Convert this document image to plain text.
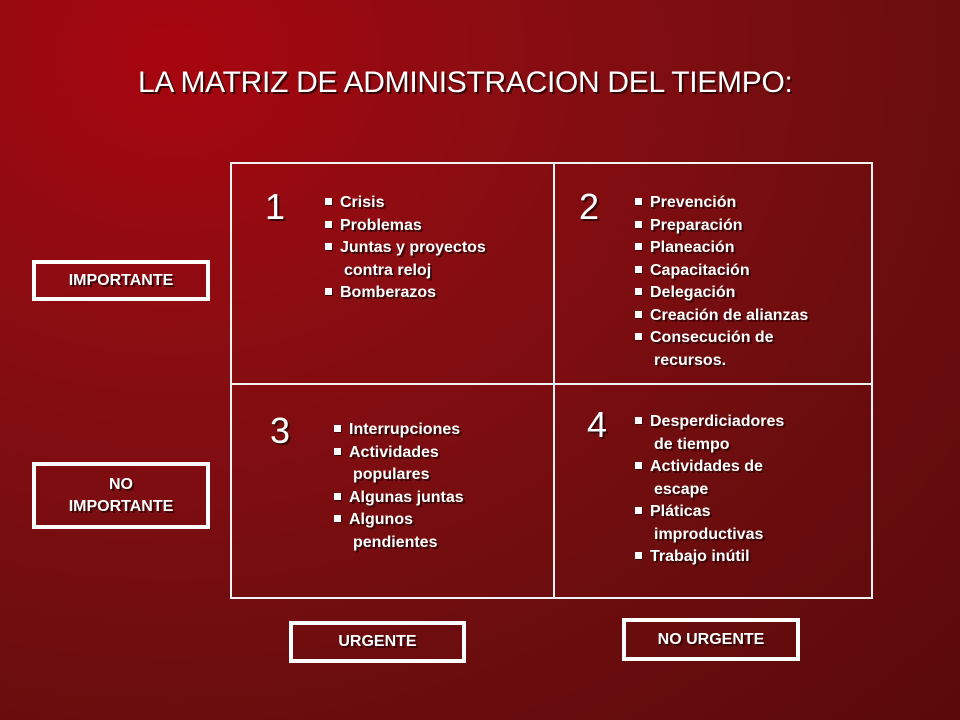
LA MATRIZ DE ADMINISTRACION DEL TIEMPO:
1	Crisis
Problemas
Juntas y proyectos
contra reloj
Bomberazos
2	Prevención
Preparación
Planeación
Capacitación
Delegación
Creación de alianzas
Consecución de
recursos.
3	Interrupciones
Actividades
populares
Algunas juntas
Algunos
pendientes
4	Desperdiciadores
de tiempo
Actividades de
escape
Pláticas
improductivas
Trabajo inútil
IMPORTANTE
NO
IMPORTANTE
URGENTE	NO URGENTE
